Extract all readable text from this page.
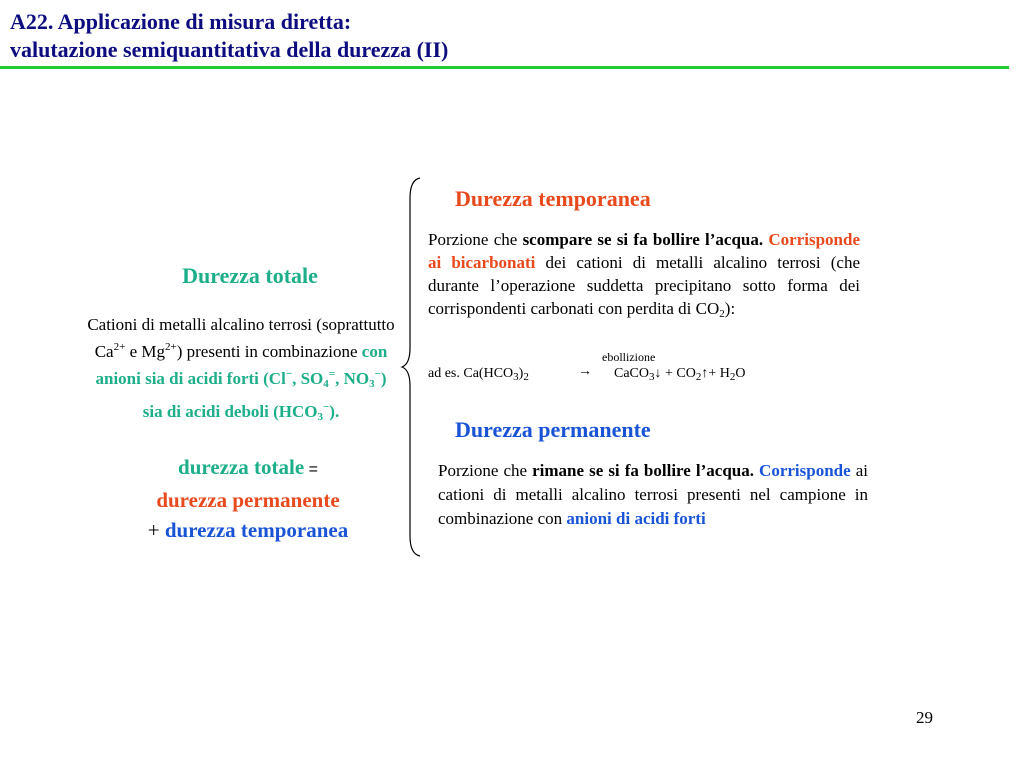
A22. Applicazione di misura diretta:
valutazione semiquantitativa della durezza (II)
Durezza totale
Cationi di metalli alcalino terrosi (soprattutto $Ca^{2+}$ e $Mg^{2+}$) presenti in combinazione con anioni sia di acidi forti (Cl−, $SO_4^=$, $NO_3^-$) sia di acidi deboli $(HCO_3^-)$.
durezza totale =
durezza permanente
+ durezza temporanea
Durezza temporanea
Porzione che scompare se si fa bollire l’acqua. Corrisponde ai bicarbonati dei cationi di metalli alcalino terrosi (che durante l’operazione suddetta precipitano sotto forma dei corrispondenti carbonati con perdita di $CO_2$):
ebollizione
ad es. $Ca(HCO_3)_2$	→ CaCO$_3$↓ + $CO_2↑+ H_2O$
Durezza permanente
Porzione che rimane se si fa bollire l’acqua. Corrisponde ai cationi di metalli alcalino terrosi presenti nel campione in combinazione con anioni di acidi forti
29
